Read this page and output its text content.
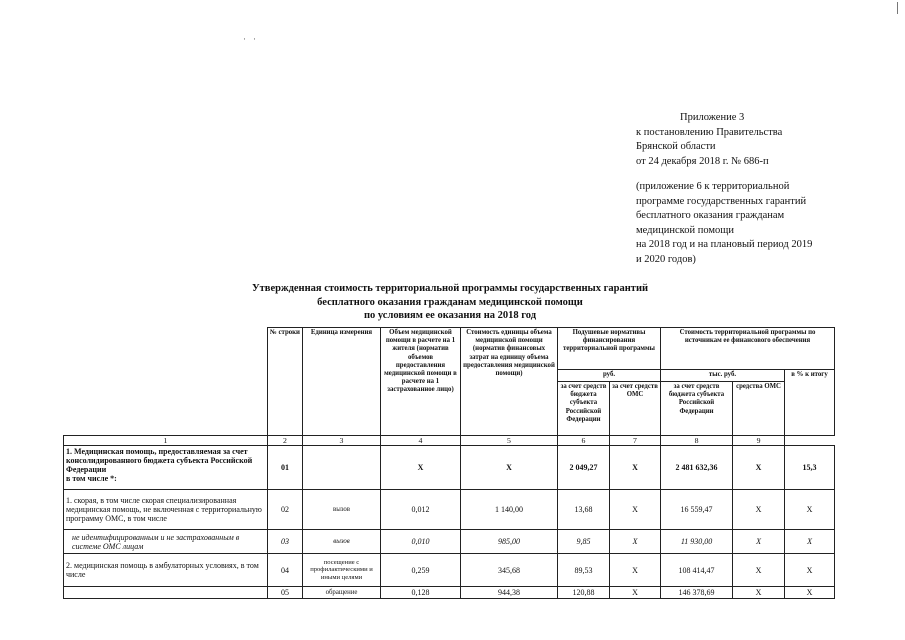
· ·
Приложение 3
к постановлению Правительства
Брянской области
от 24 декабря 2018 г. № 686-п
(приложение 6 к территориальной
программе государственных гарантий
бесплатного оказания гражданам
медицинской помощи
на 2018 год и на плановый период 2019
и 2020 годов)
Утвержденная стоимость территориальной программы государственных гарантий
бесплатного оказания гражданам медицинской помощи
по условиям ее оказания на 2018 год
	№ строки	Единица измерения	Объем медицинской помощи в расчете на 1 жителя (норматив объемов предоставления медицинской помощи в расчете на 1 застрахованное лицо)	Стоимость единицы объема медицинской помощи (норматив финансовых затрат на единицу объема предоставления медицинской помощи)	Подушевые нормативы финансирования территориальной программы		Стоимость территориальной программы по источникам ее финансового обеспечения		
					руб.		тыс. руб.		в % к итогу
					за счет средств бюджета субъекта Российской Федерации	за счет средств ОМС	за счет средств бюджета субъекта Российской Федерации	средства ОМС	
1	2	3	4	5	6	7	8	9	
1. Медицинская помощь, предоставляемая за счет консолидированного бюджета субъекта Российской Федерации
в том числе *:	01		X	X	2 049,27	X	2 481 632,36	X	15,3
1. скорая, в том числе скорая специализированная медицинская помощь, не включенная с территориальную программу ОМС, в том числе	02	вызов	0,012	1 140,00	13,68	X	16 559,47	X	X
не идентифицированным и не застрахованным в системе ОМС лицам	03	вызов	0,010	985,00	9,85	X	11 930,00	X	X
2. медицинская помощь в амбулаторных условиях, в том числе	04	посещение с профилактическими и иными целями	0,259	345,68	89,53	X	108 414,47	X	X
	05	обращение	0,128	944,38	120,88	X	146 378,69	X	X
